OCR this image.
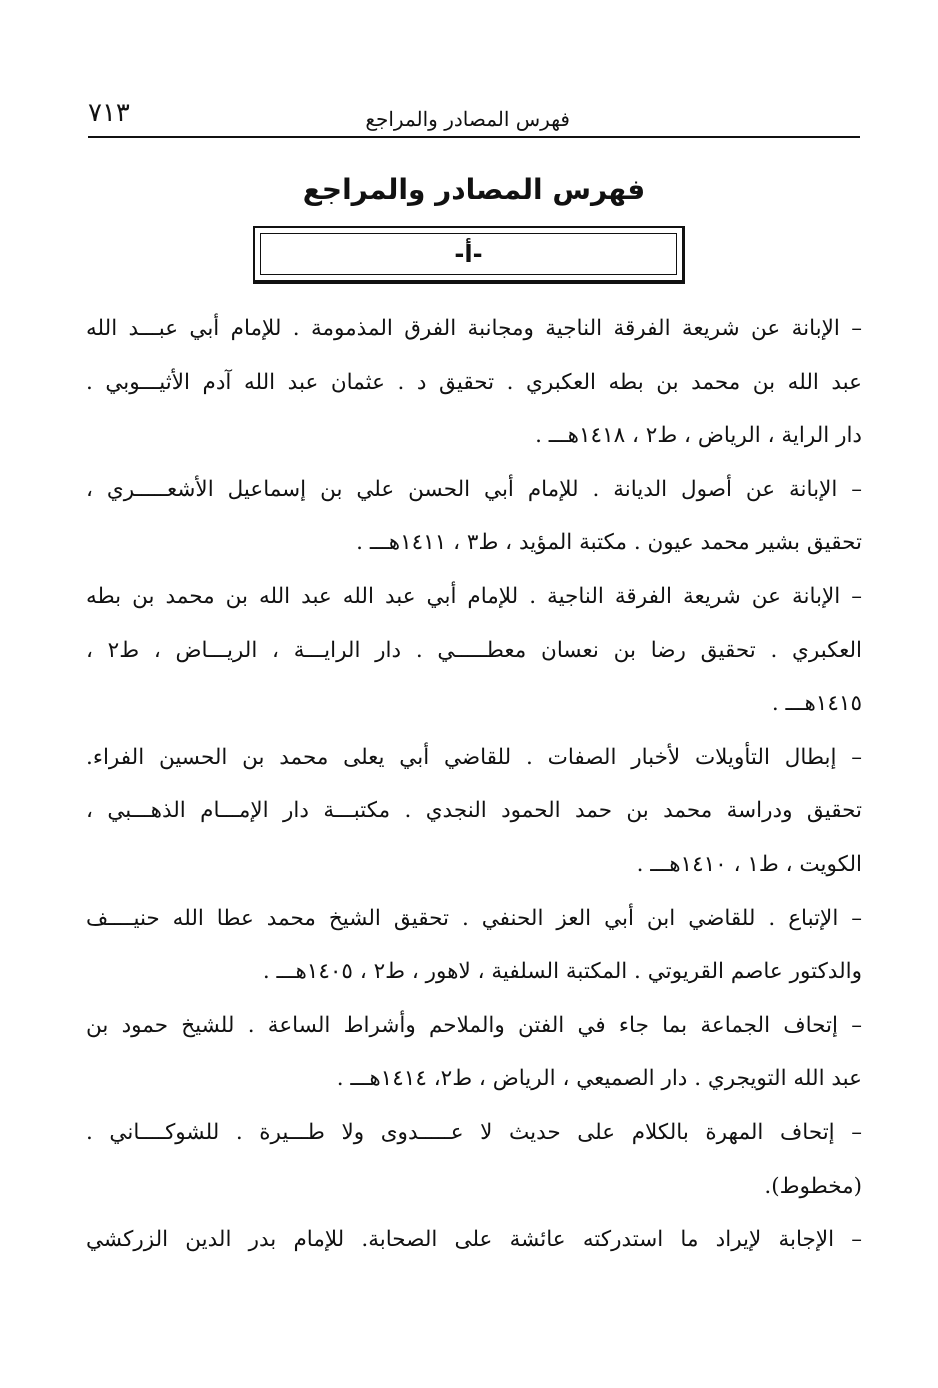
فهرس المصادر والمراجع
٧١٣
فهرس المصادر والمراجع
-أ-
– الإبانة عن شريعة الفرقة الناجية ومجانبة الفرق المذمومة . للإمام أبي عبـــد الله
عبد الله بن محمد بن بطه العكبري . تحقيق د . عثمان عبد الله آدم الأثيـــوبي .
دار الراية ، الرياض ، ط٢ ، ١٤١٨هـــ .
– الإبانة عن أصول الديانة . للإمام أبي الحسن علي بن إسماعيل الأشعـــــري ،
تحقيق بشير محمد عيون . مكتبة المؤيد ، ط٣ ، ١٤١١هـــ .
– الإبانة عن شريعة الفرقة الناجية . للإمام أبي عبد الله عبد الله بن محمد بن بطه
العكبري . تحقيق رضا بن نعسان معطـــــي . دار الرايـــة ، الريـــاض ، ط٢ ،
١٤١٥هـــ .
– إبطال التأويلات لأخبار الصفات . للقاضي أبي يعلى محمد بن الحسين الفراء.
تحقيق ودراسة محمد بن حمد الحمود النجدي . مكتبـــة دار الإمـــام الذهـــبي ،
الكويت ، ط١ ، ١٤١٠هـــ .
– الإتباع . للقاضي ابن أبي العز الحنفي . تحقيق الشيخ محمد عطا الله حنيــــف
والدكتور عاصم القريوتي . المكتبة السلفية ، لاهور ، ط٢ ، ١٤٠٥هـــ .
– إتحاف الجماعة بما جاء في الفتن والملاحم وأشراط الساعة . للشيخ حمود بن
عبد الله التويجري . دار الصميعي ، الرياض ، ط٢، ١٤١٤هـــ .
– إتحاف المهرة بالكلام على حديث لا عـــــدوى ولا طـــيرة . للشوكــــاني .
(مخطوط).
– الإجابة لإيراد ما استدركته عائشة على الصحابة. للإمام بدر الدين الزركشي
